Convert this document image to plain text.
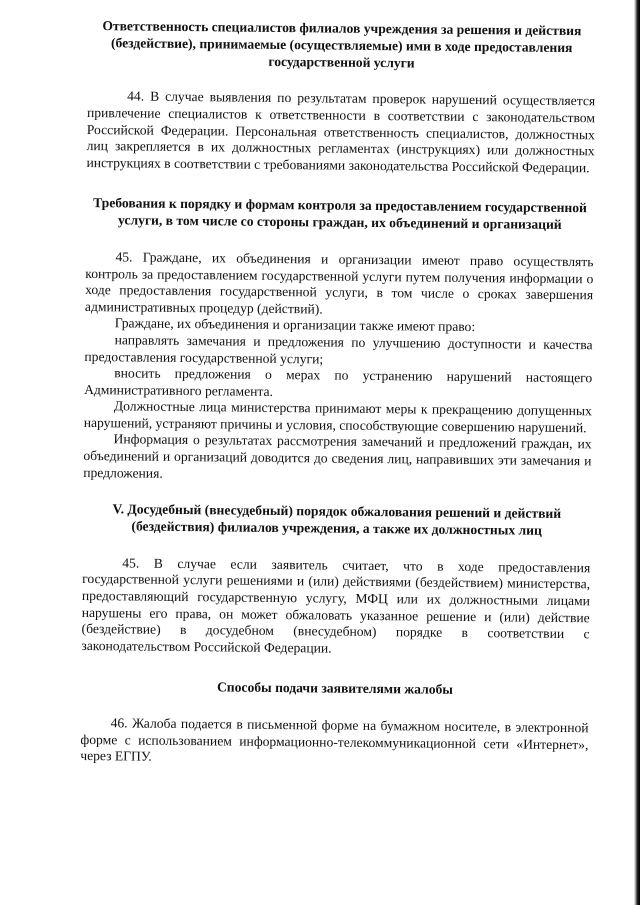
Ответственность специалистов филиалов учреждения за решения и действия (бездействие), принимаемые (осуществляемые) ими в ходе предоставления государственной услуги

44. В случае выявления по результатам проверок нарушений осуществляется привлечение специалистов к ответственности в соответствии с законодательством Российской Федерации. Персональная ответственность специалистов, должностных лиц закрепляется в их должностных регламентах (инструкциях) или должностных инструкциях в соответствии с требованиями законодательства Российской Федерации.

Требования к порядку и формам контроля за предоставлением государственной услуги, в том числе со стороны граждан, их объединений и организаций

45. Граждане, их объединения и организации имеют право осуществлять контроль за предоставлением государственной услуги путем получения информации о ходе предоставления государственной услуги, в том числе о сроках завершения административных процедур (действий).

Граждане, их объединения и организации также имеют право:

направлять замечания и предложения по улучшению доступности и качества предоставления государственной услуги;

вносить предложения о мерах по устранению нарушений настоящего Административного регламента.

Должностные лица министерства принимают меры к прекращению допущенных нарушений, устраняют причины и условия, способствующие совершению нарушений.

Информация о результатах рассмотрения замечаний и предложений граждан, их объединений и организаций доводится до сведения лиц, направивших эти замечания и предложения.

V. Досудебный (внесудебный) порядок обжалования решений и действий (бездействия) филиалов учреждения, а также их должностных лиц

45. В случае если заявитель считает, что в ходе предоставления государственной услуги решениями и (или) действиями (бездействием) министерства, предоставляющий государственную услугу, МФЦ или их должностными лицами нарушены его права, он может обжаловать указанное решение и (или) действие (бездействие) в досудебном (внесудебном) порядке в соответствии с законодательством Российской Федерации.

Способы подачи заявителями жалобы

46. Жалоба подается в письменной форме на бумажном носителе, в электронной форме с использованием информационно-телекоммуникационной сети «Интернет», через ЕГПУ.
